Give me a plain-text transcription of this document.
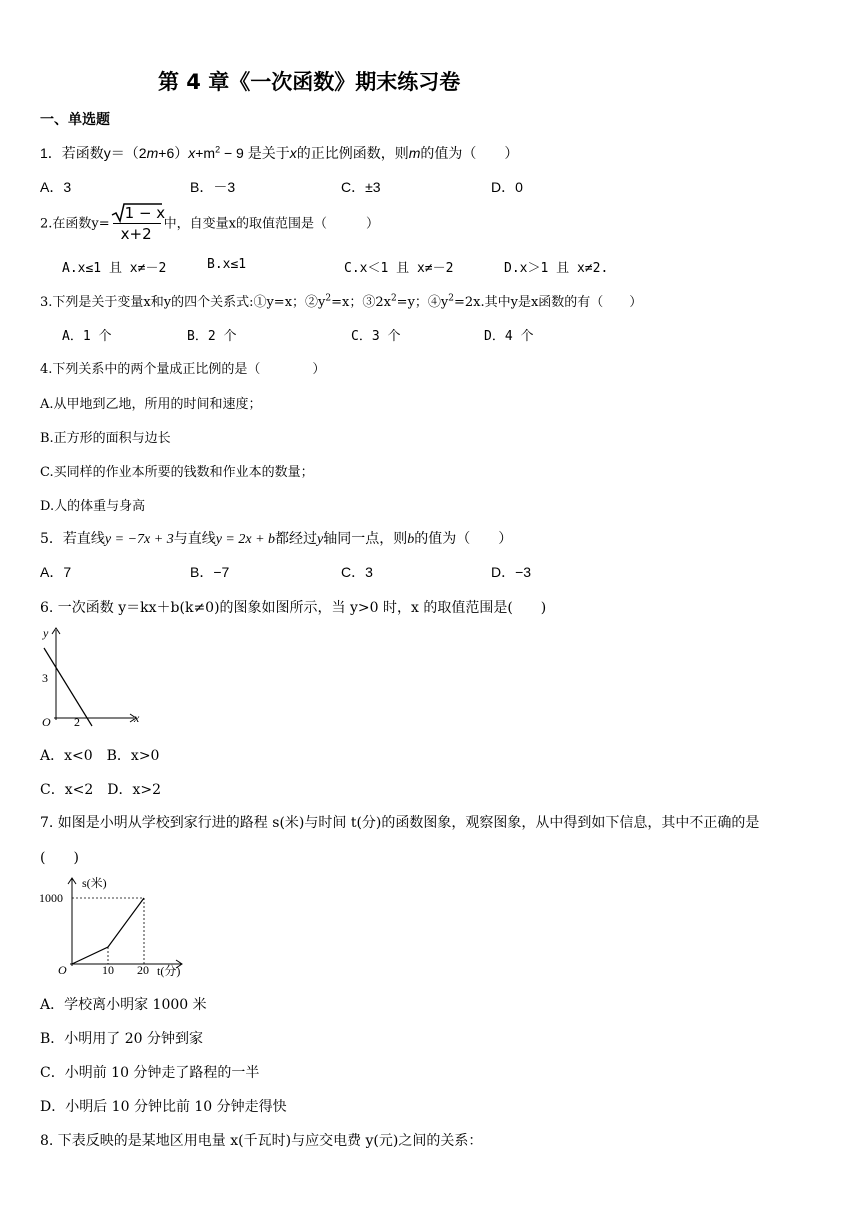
第 4 章《一次函数》期末练习卷
一、单选题
1．若函数$y=(2m+6)x+m^2 - 9$ 是关于x的正比例函数，则m的值为（　　）
A．3	B．－3	C．±3	D．0
2.在函数$y= \frac{1 - x}{x+2}$ 中，自变量x的取值范围是（　　　）
A.x≤1 且 x≠－2	B.x≤1	C.x＜1 且 x≠－2	D.x＞1 且 x≠2.
3.下列是关于变量x和y的四个关系式:①y=x；$②y^2=x$；$③2x^2=y$；$④y^2=2x$.其中y是x函数的有（　　）
A．1 个	B．2 个	C．3 个	D．4 个
4.下列关系中的两个量成正比例的是（　　　　）
A.从甲地到乙地，所用的时间和速度；
B.正方形的面积与边长
C.买同样的作业本所要的钱数和作业本的数量；
D.人的体重与身高
5．若直线y = −7x + 3与直线y = 2x + b都经过y轴同一点，则b的值为（　　）
A．7	B．−7	C．3	D．−3
6. 一次函数 y＝kx＋b(k≠0)的图象如图所示，当 y>0 时，x 的取值范围是(　　)
y
x
3
2
O
A．x<0　B．x>0
C．x<2　D．x>2
7. 如图是小明从学校到家行进的路程 s(米)与时间 t(分)的函数图象，观察图象，从中得到如下信息，其中不正确的是
(　　)
s(米)
1000
O	10 20 t(分)
A．学校离小明家 1000 米
B．小明用了 20 分钟到家
C．小明前 10 分钟走了路程的一半
D．小明后 10 分钟比前 10 分钟走得快
8. 下表反映的是某地区用电量 x(千瓦时)与应交电费 y(元)之间的关系：
